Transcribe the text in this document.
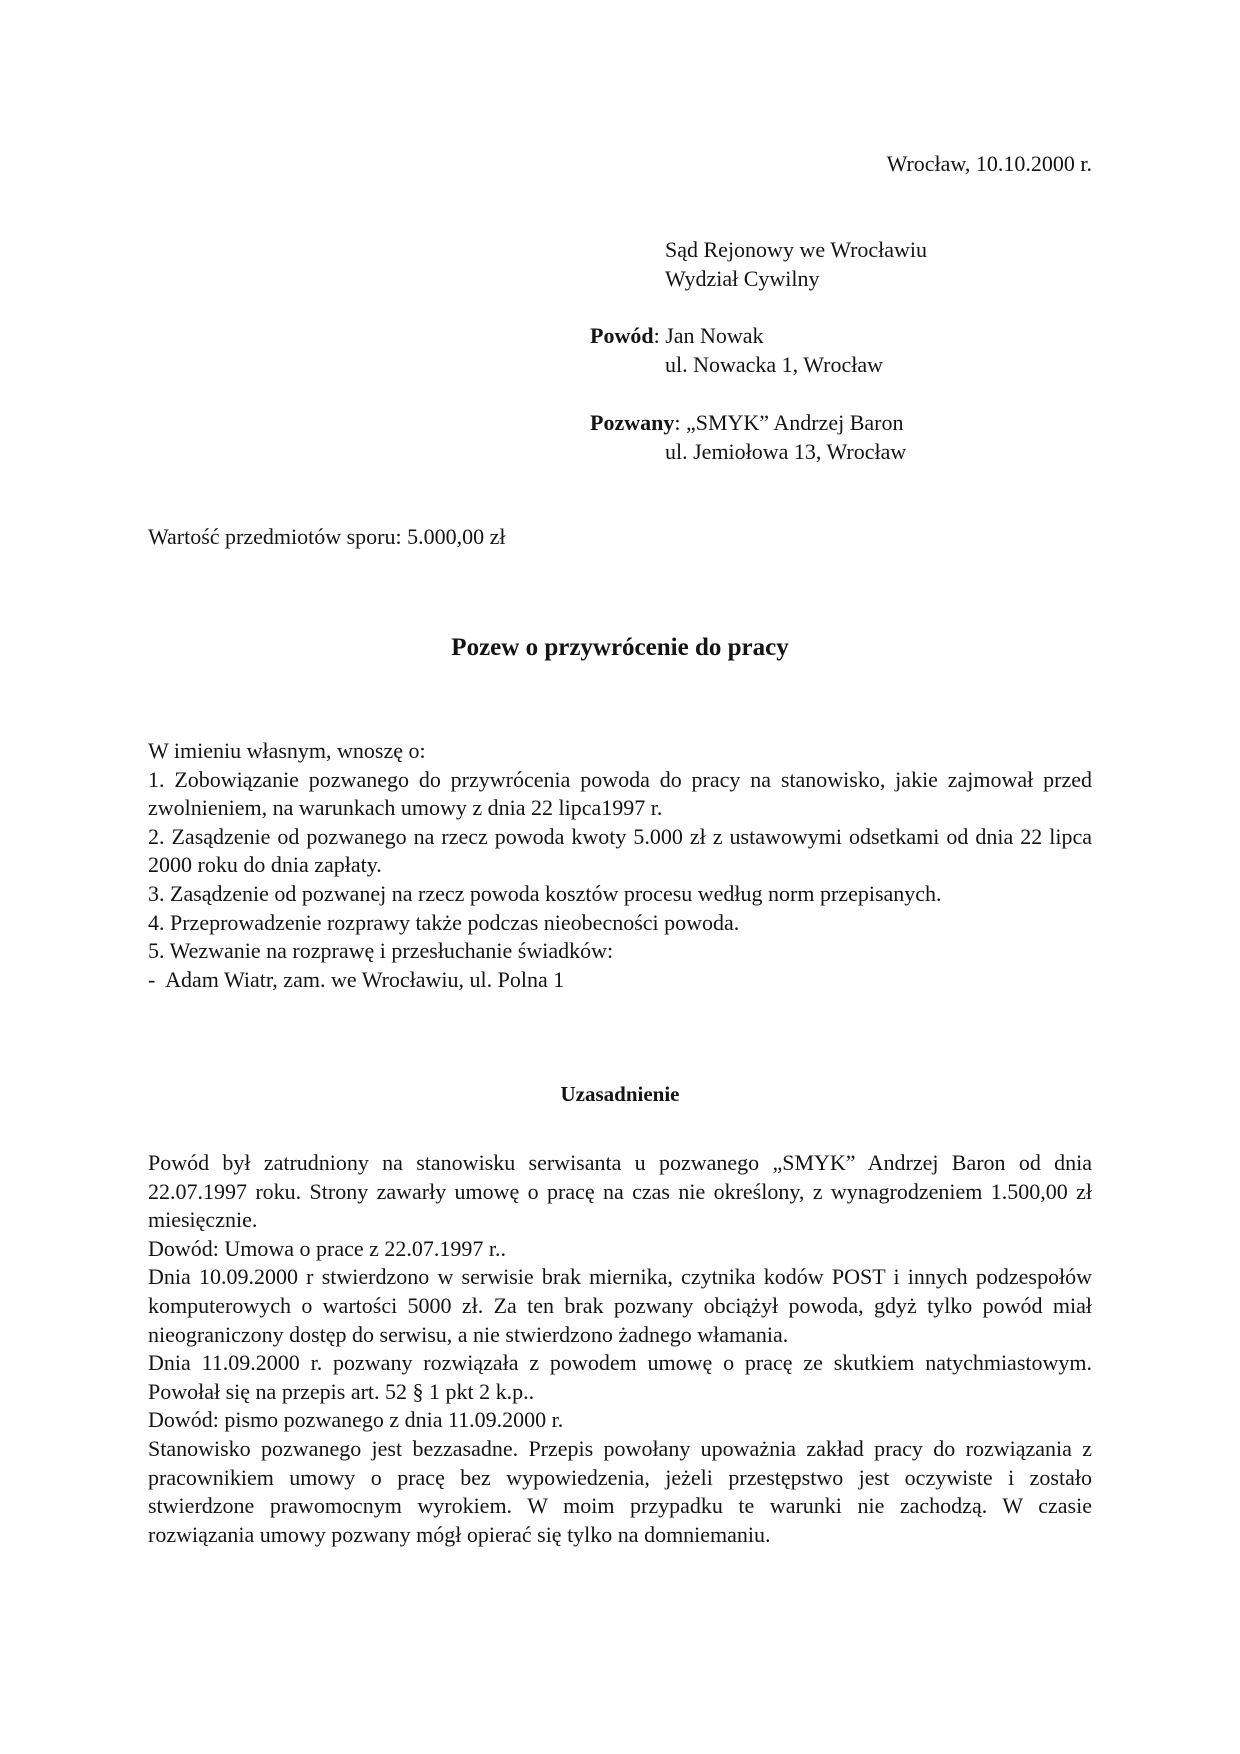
Wrocław, 10.10.2000 r.
Sąd Rejonowy we Wrocławiu
Wydział Cywilny
Powód: Jan Nowak
ul. Nowacka 1, Wrocław
Pozwany: „SMYK” Andrzej Baron
ul. Jemiołowa 13, Wrocław
Wartość przedmiotów sporu: 5.000,00 zł
Pozew o przywrócenie do pracy

W imieniu własnym, wnoszę o:

1. Zobowiązanie pozwanego do przywrócenia powoda do pracy na stanowisko, jakie zajmował przed zwolnieniem, na warunkach umowy z dnia 22 lipca1997 r.
2. Zasądzenie od pozwanego na rzecz powoda kwoty 5.000 zł z ustawowymi odsetkami od dnia 22 lipca 2000 roku do dnia zapłaty.
3. Zasądzenie od pozwanej na rzecz powoda kosztów procesu według norm przepisanych.
4. Przeprowadzenie rozprawy także podczas nieobecności powoda.
5. Wezwanie na rozprawę i przesłuchanie świadków:
-  Adam Wiatr, zam. we Wrocławiu, ul. Polna 1
Uzasadnienie

Powód był zatrudniony na stanowisku serwisanta u pozwanego „SMYK” Andrzej Baron od dnia 22.07.1997 roku. Strony zawarły umowę o pracę na czas nie określony, z wynagrodzeniem 1.500,00 zł miesięcznie.

Dowód: Umowa o prace z 22.07.1997 r..

Dnia 10.09.2000 r stwierdzono w serwisie brak miernika, czytnika kodów POST i innych podzespołów komputerowych o wartości 5000 zł. Za ten brak pozwany obciążył powoda, gdyż tylko powód miał nieograniczony dostęp do serwisu, a nie stwierdzono żadnego włamania.

Dnia 11.09.2000 r. pozwany rozwiązała z powodem umowę o pracę ze skutkiem natychmiastowym. Powołał się na przepis art. 52 § 1 pkt 2 k.p..

Dowód: pismo pozwanego z dnia 11.09.2000 r.

Stanowisko pozwanego jest bezzasadne. Przepis powołany upoważnia zakład pracy do rozwiązania z pracownikiem umowy o pracę bez wypowiedzenia, jeżeli przestępstwo jest oczywiste i zostało stwierdzone prawomocnym wyrokiem. W moim przypadku te warunki nie zachodzą. W czasie rozwiązania umowy pozwany mógł opierać się tylko na domniemaniu.
